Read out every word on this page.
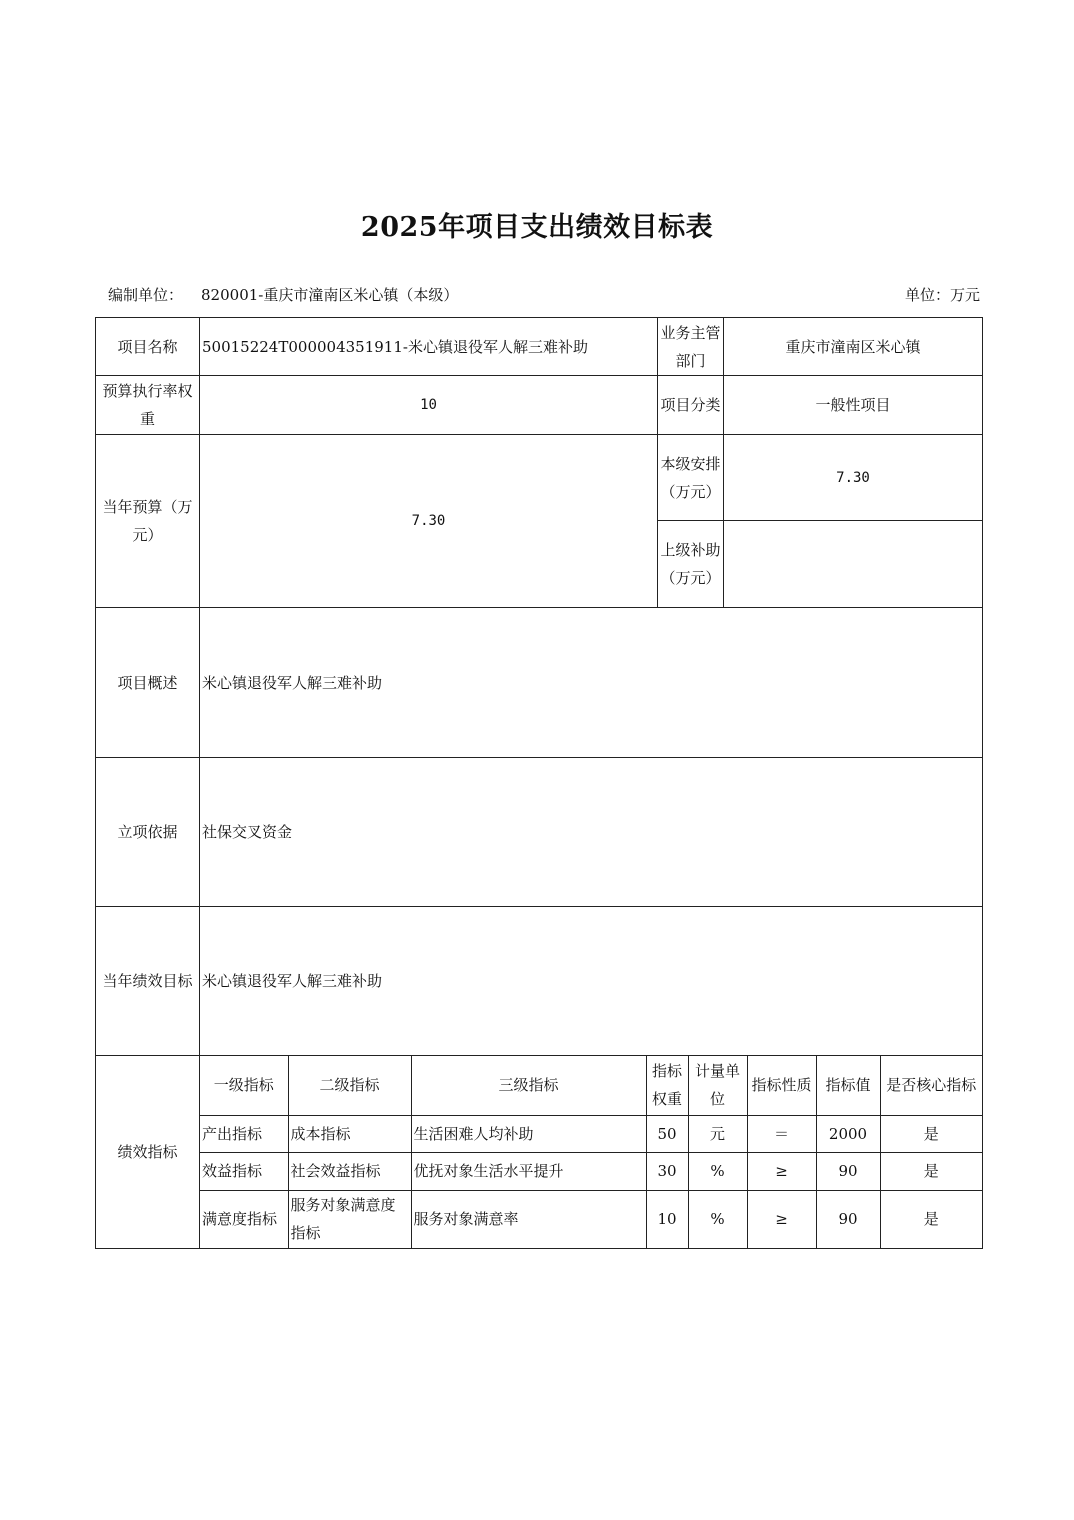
2025年项目支出绩效目标表
编制单位： 820001-重庆市潼南区米心镇（本级）	单位：万元
项目名称	50015224T000004351911-米心镇退役军人解三难补助	业务主管部门	重庆市潼南区米心镇
预算执行率权重	10	项目分类	一般性项目
当年预算（万元）	7.30	本级安排（万元）	7.30
上级补助（万元）	
项目概述	米心镇退役军人解三难补助
立项依据	社保交叉资金
当年绩效目标	米心镇退役军人解三难补助
绩效指标	
一级指标	二级指标	三级指标	指标权重	计量单位	指标性质	指标值	是否核心指标
产出指标	成本指标	生活困难人均补助	50	元	＝	2000	是
效益指标	社会效益指标	优抚对象生活水平提升	30	%	≥	90	是
满意度指标	服务对象满意度指标	服务对象满意率	10	%	≥	90	是
